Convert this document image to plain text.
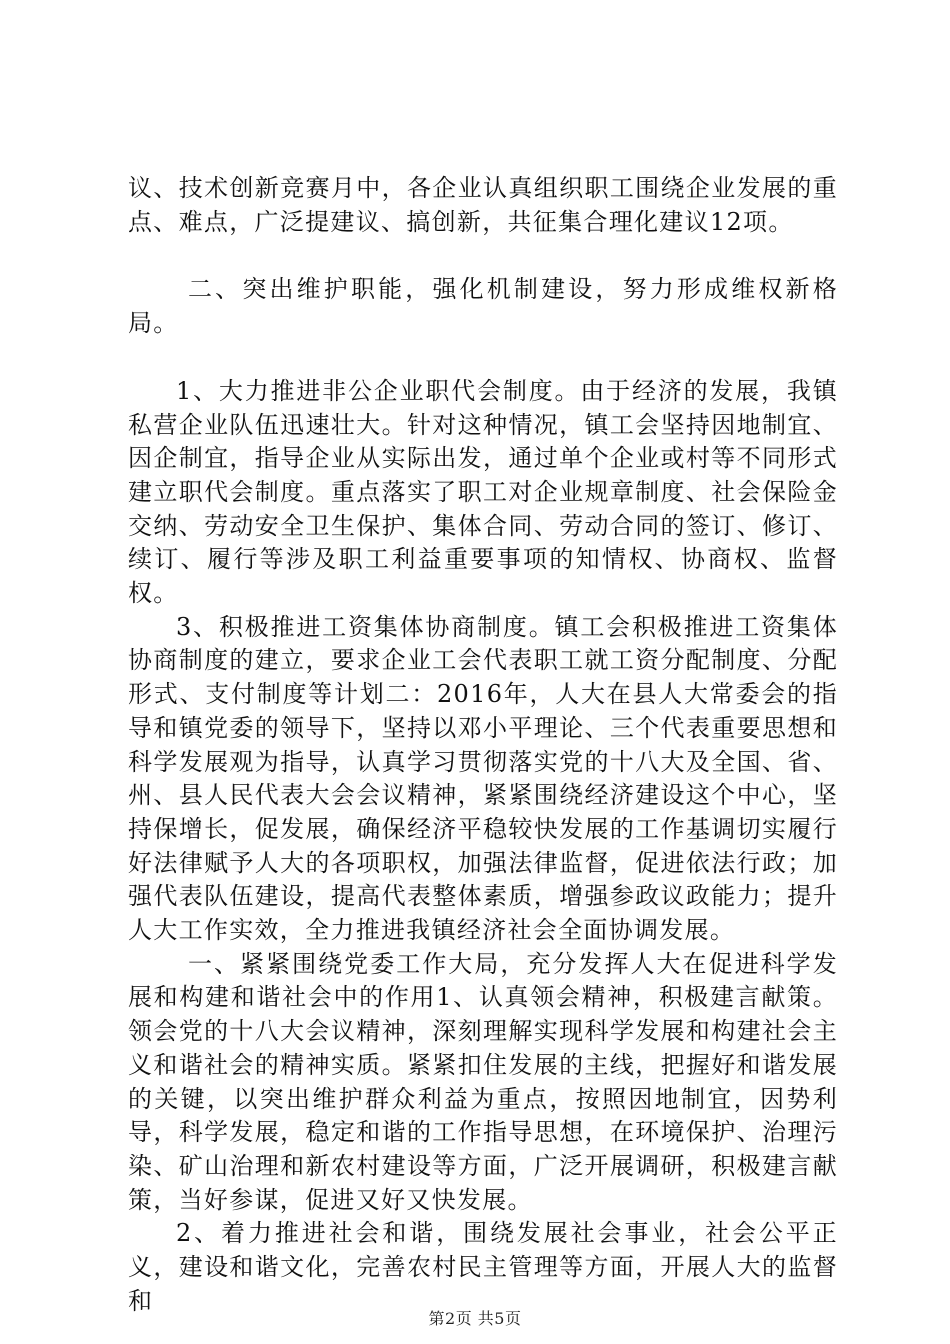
议、技术创新竞赛月中，各企业认真组织职工围绕企业发展的重点、难点，广泛提建议、搞创新，共征集合理化建议12项。

二、突出维护职能，强化机制建设，努力形成维权新格局。

1、大力推进非公企业职代会制度。由于经济的发展，我镇私营企业队伍迅速壮大。针对这种情况，镇工会坚持因地制宜、因企制宜，指导企业从实际出发，通过单个企业或村等不同形式建立职代会制度。重点落实了职工对企业规章制度、社会保险金交纳、劳动安全卫生保护、集体合同、劳动合同的签订、修订、续订、履行等涉及职工利益重要事项的知情权、协商权、监督权。

3、积极推进工资集体协商制度。镇工会积极推进工资集体协商制度的建立，要求企业工会代表职工就工资分配制度、分配形式、支付制度等计划二：2016年，人大在县人大常委会的指导和镇党委的领导下，坚持以邓小平理论、三个代表重要思想和科学发展观为指导，认真学习贯彻落实党的十八大及全国、省、州、县人民代表大会会议精神，紧紧围绕经济建设这个中心，坚持保增长，促发展，确保经济平稳较快发展的工作基调切实履行好法律赋予人大的各项职权，加强法律监督，促进依法行政；加强代表队伍建设，提高代表整体素质，增强参政议政能力；提升人大工作实效，全力推进我镇经济社会全面协调发展。

一、紧紧围绕党委工作大局，充分发挥人大在促进科学发展和构建和谐社会中的作用1、认真领会精神，积极建言献策。领会党的十八大会议精神，深刻理解实现科学发展和构建社会主义和谐社会的精神实质。紧紧扣住发展的主线，把握好和谐发展的关键，以突出维护群众利益为重点，按照因地制宜，因势利导，科学发展，稳定和谐的工作指导思想，在环境保护、治理污染、矿山治理和新农村建设等方面，广泛开展调研，积极建言献策，当好参谋，促进又好又快发展。

2、着力推进社会和谐，围绕发展社会事业，社会公平正义，建设和谐文化，完善农村民主管理等方面，开展人大的监督和

第2页 共5页
